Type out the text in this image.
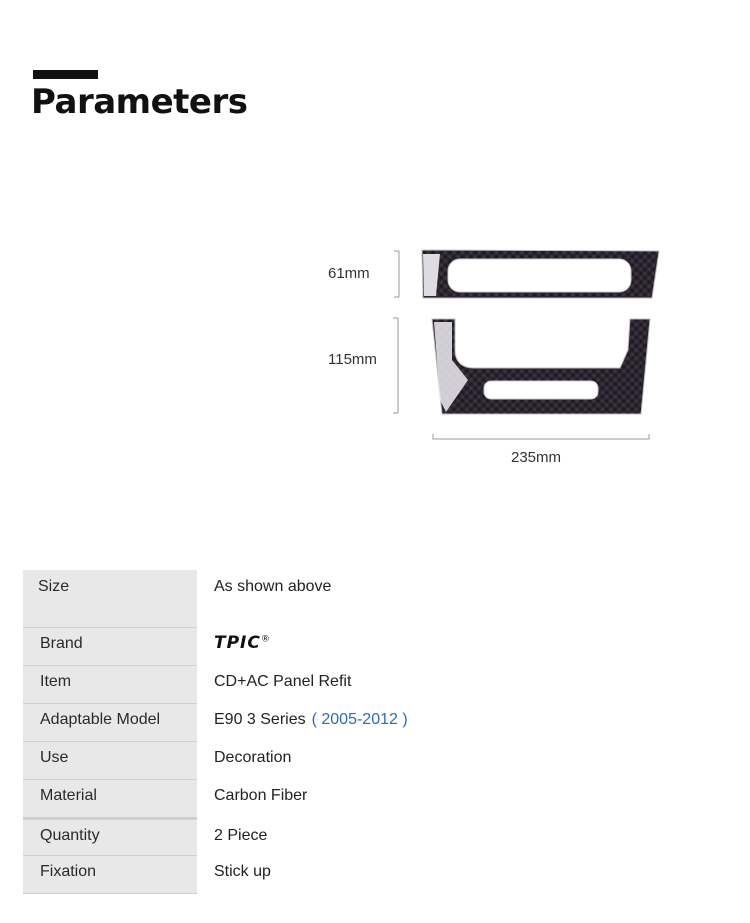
Parameters
61mm
115mm
235mm
Size	As shown above
Brand	TPIC®
Item	CD+AC Panel Refit
Adaptable Model	E90 3 Series ( 2005-2012 )
Use	Decoration
Material	Carbon Fiber
Quantity	2 Piece
Fixation	Stick up
